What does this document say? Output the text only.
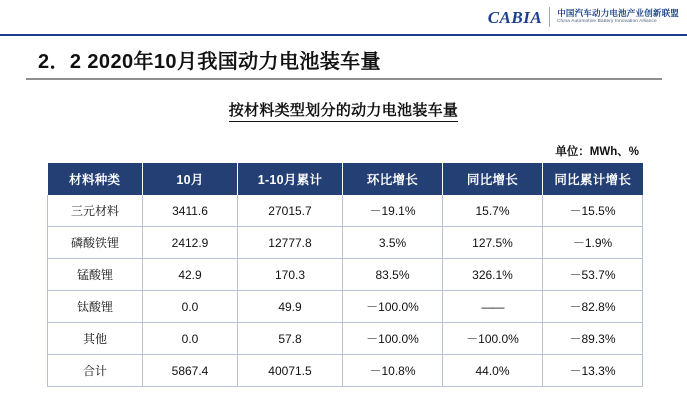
CABIA 中国汽车动力电池产业创新联盟
China Automotive Battery Innovation Alliance
2．2 2020年10月我国动力电池装车量
按材料类型划分的动力电池装车量
单位：MWh、%
材料种类	10月	1-10月累计	环比增长	同比增长	同比累计增长
三元材料	3411.6	27015.7	－19.1%	15.7%	－15.5%
磷酸铁锂	2412.9	12777.8	3.5%	127.5%	－1.9%
锰酸锂	42.9	170.3	83.5%	326.1%	－53.7%
钛酸锂	0.0	49.9	－100.0%	——	－82.8%
其他	0.0	57.8	－100.0%	－100.0%	－89.3%
合计	5867.4	40071.5	－10.8%	44.0%	－13.3%
